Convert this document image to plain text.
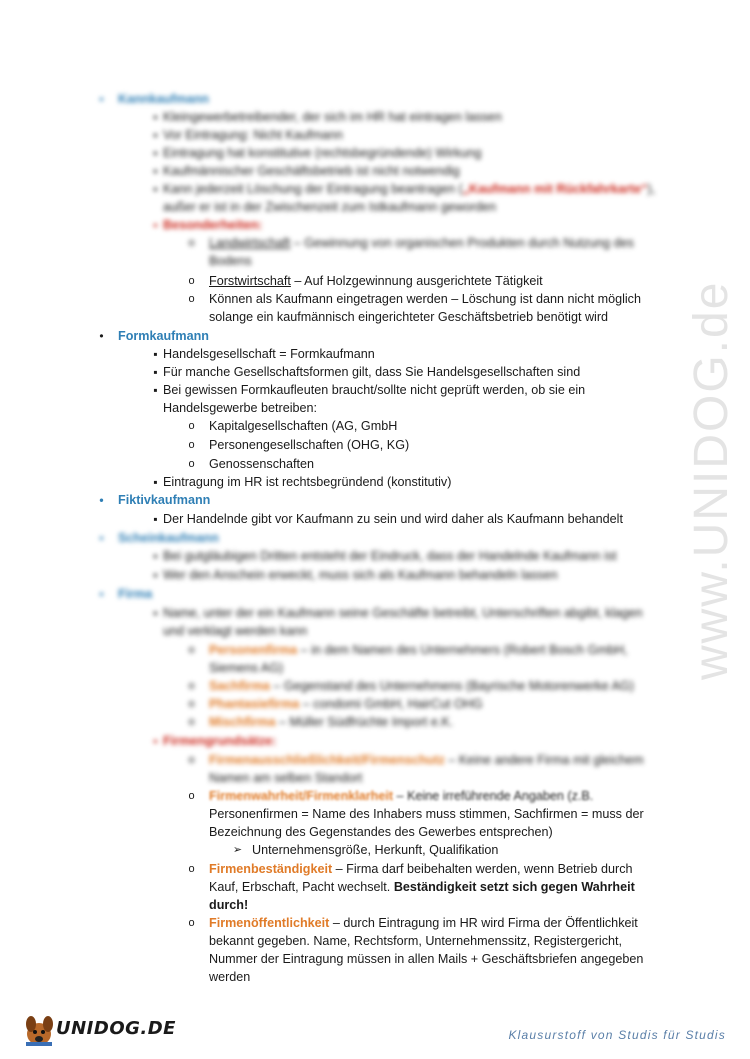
www.UNIDOG.de
• Kannkaufmann
▪ Kleingewerbetreibender, der sich im HR hat eintragen lassen
▪ Vor Eintragung: Nicht Kaufmann
▪ Eintragung hat konstitutive (rechtsbegründende) Wirkung
▪ Kaufmännischer Geschäftsbetrieb ist nicht notwendig
▪ Kann jederzeit Löschung der Eintragung beantragen („Kaufmann mit Rückfahrkarte“),
außer er ist in der Zwischenzeit zum Istkaufmann geworden
▪ Besonderheiten:
o Landwirtschaft – Gewinnung von organischen Produkten durch Nutzung des
Bodens
o Forstwirtschaft – Auf Holzgewinnung ausgerichtete Tätigkeit
o Können als Kaufmann eingetragen werden – Löschung ist dann nicht möglich
solange ein kaufmännisch eingerichteter Geschäftsbetrieb benötigt wird
• Formkaufmann
▪ Handelsgesellschaft = Formkaufmann
▪ Für manche Gesellschaftsformen gilt, dass Sie Handelsgesellschaften sind
▪ Bei gewissen Formkaufleuten braucht/sollte nicht geprüft werden, ob sie ein
Handelsgewerbe betreiben:
o Kapitalgesellschaften (AG, GmbH
o Personengesellschaften (OHG, KG)
o Genossenschaften
▪ Eintragung im HR ist rechtsbegründend (konstitutiv)
• Fiktivkaufmann
▪ Der Handelnde gibt vor Kaufmann zu sein und wird daher als Kaufmann behandelt
• Scheinkaufmann
▪ Bei gutgläubigen Dritten entsteht der Eindruck, dass der Handelnde Kaufmann ist
▪ Wer den Anschein erweckt, muss sich als Kaufmann behandeln lassen
• Firma
▪ Name, unter der ein Kaufmann seine Geschäfte betreibt, Unterschriften abgibt, klagen
und verklagt werden kann
o Personenfirma – in dem Namen des Unternehmers (Robert Bosch GmbH,
Siemens AG)
o Sachfirma – Gegenstand des Unternehmens (Bayrische Motorenwerke AG)
o Phantasiefirma – condomi GmbH, HairCut OHG
o Mischfirma – Müller Südfrüchte Import e.K.
▪ Firmengrundsätze:
o Firmenausschließlichkeit/Firmenschutz – Keine andere Firma mit gleichem
Namen am selben Standort
o Firmenwahrheit/Firmenklarheit – Keine irreführende Angaben (z.B.
Personenfirmen = Name des Inhabers muss stimmen, Sachfirmen = muss der
Bezeichnung des Gegenstandes des Gewerbes entsprechen)
➢ Unternehmensgröße, Herkunft, Qualifikation
o Firmenbeständigkeit – Firma darf beibehalten werden, wenn Betrieb durch
Kauf, Erbschaft, Pacht wechselt. Beständigkeit setzt sich gegen Wahrheit
durch!
o Firmenöffentlichkeit – durch Eintragung im HR wird Firma der Öffentlichkeit
bekannt gegeben. Name, Rechtsform, Unternehmenssitz, Registergericht,
Nummer der Eintragung müssen in allen Mails + Geschäftsbriefen angegeben
werden
UNIDOG.DE	Klausurstoff von Studis für Studis
